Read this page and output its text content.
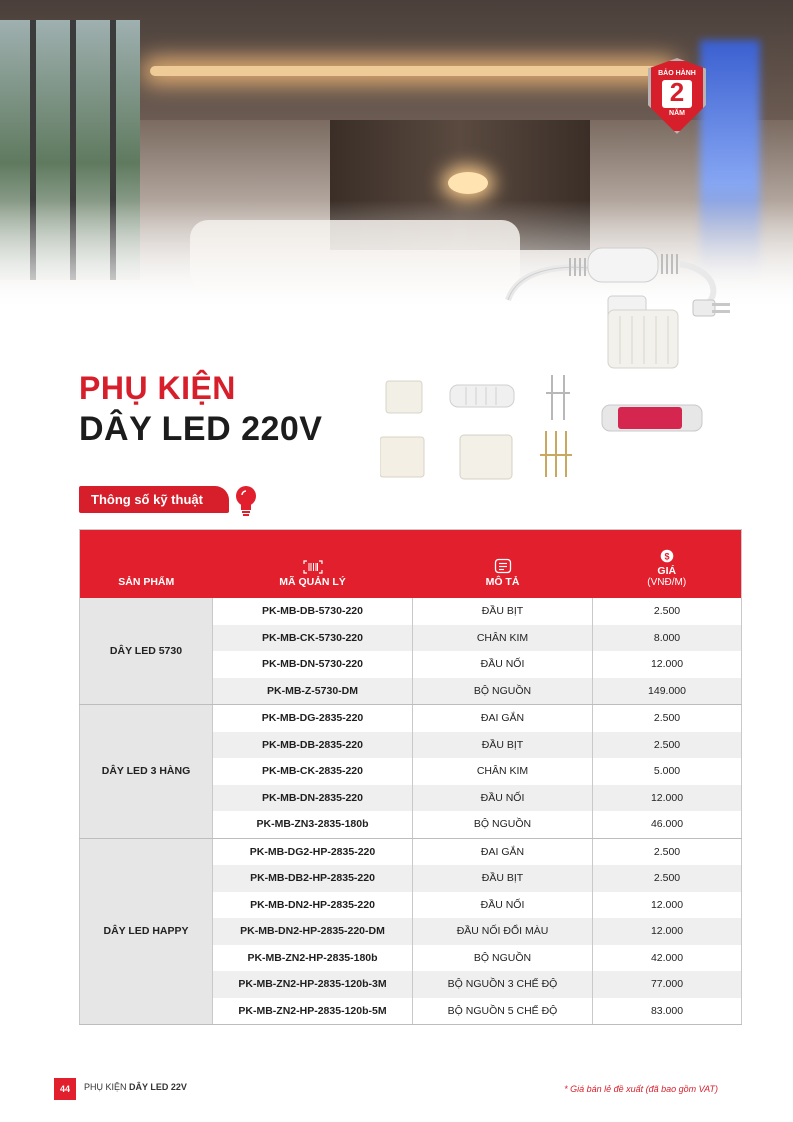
BẢO HÀNH
2
NĂM
PHỤ KIỆN
DÂY LED 220V
Thông số kỹ thuật
SẢN PHẨM	MÃ QUẢN LÝ	MÔ TẢ	$
GIÁ
(VNĐ/M)

DÂY LED 5730	PK-MB-DB-5730-220	ĐẦU BỊT	2.500
	PK-MB-CK-5730-220	CHÂN KIM	8.000
	PK-MB-DN-5730-220	ĐẦU NỐI	12.000
	PK-MB-Z-5730-DM	BỘ NGUỒN	149.000
DÂY LED 3 HÀNG	PK-MB-DG-2835-220	ĐAI GẮN	2.500
	PK-MB-DB-2835-220	ĐẦU BỊT	2.500
	PK-MB-CK-2835-220	CHÂN KIM	5.000
	PK-MB-DN-2835-220	ĐẦU NỐI	12.000
	PK-MB-ZN3-2835-180b	BỘ NGUỒN	46.000
DÂY LED HAPPY	PK-MB-DG2-HP-2835-220	ĐAI GẮN	2.500
	PK-MB-DB2-HP-2835-220	ĐẦU BỊT	2.500
	PK-MB-DN2-HP-2835-220	ĐẦU NỐI	12.000
	PK-MB-DN2-HP-2835-220-DM	ĐẦU NỐI ĐỔI MÀU	12.000
	PK-MB-ZN2-HP-2835-180b	BỘ NGUỒN	42.000
	PK-MB-ZN2-HP-2835-120b-3M	BỘ NGUỒN 3 CHẾ ĐỘ	77.000
	PK-MB-ZN2-HP-2835-120b-5M	BỘ NGUỒN 5 CHẾ ĐỘ	83.000
44	PHỤ KIỆN DÂY LED 22V	* Giá bán lẻ đề xuất (đã bao gồm VAT)
